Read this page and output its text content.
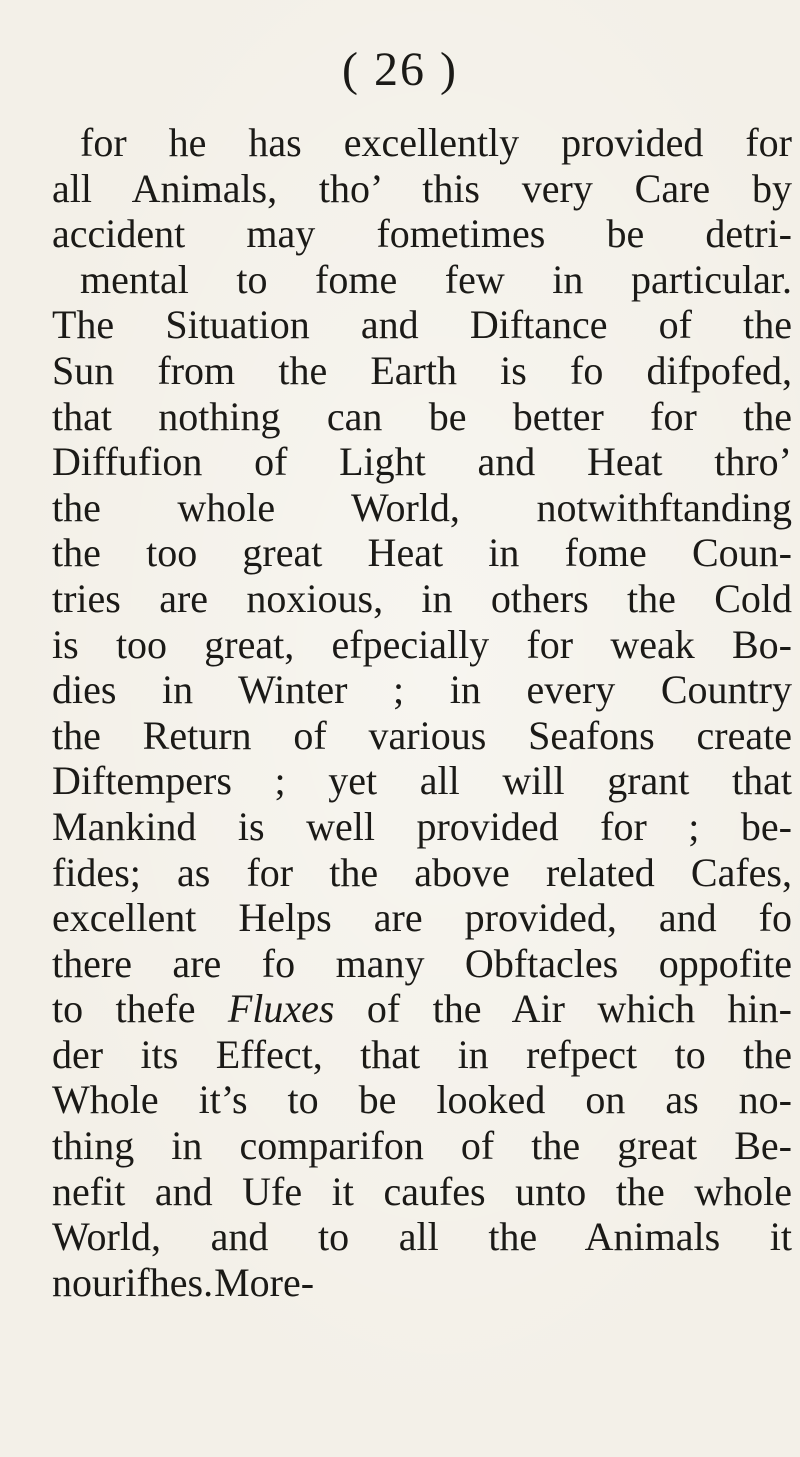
( 26 )
for he has excellently provided for
all Animals, tho’ this very Care by
accident may fometimes be detri-
mental to fome few in particular.
The Situation and Diftance of the
Sun from the Earth is fo difpofed,
that nothing can be better for the
Diffufion of Light and Heat thro’
the whole World, notwithftanding
the too great Heat in fome Coun-
tries are noxious, in others the Cold
is too great, efpecially for weak Bo-
dies in Winter ; in every Country
the Return of various Seafons create
Diftempers ; yet all will grant that
Mankind is well provided for ; be-
fides; as for the above related Cafes,
excellent Helps are provided, and fo
there are fo many Obftacles oppofite
to thefe Fluxes of the Air which hin-
der its Effect, that in refpect to the
Whole it’s to be looked on as no-
thing in comparifon of the great Be-
nefit and Ufe it caufes unto the whole
World, and to all the Animals it
nourifhes.More-
